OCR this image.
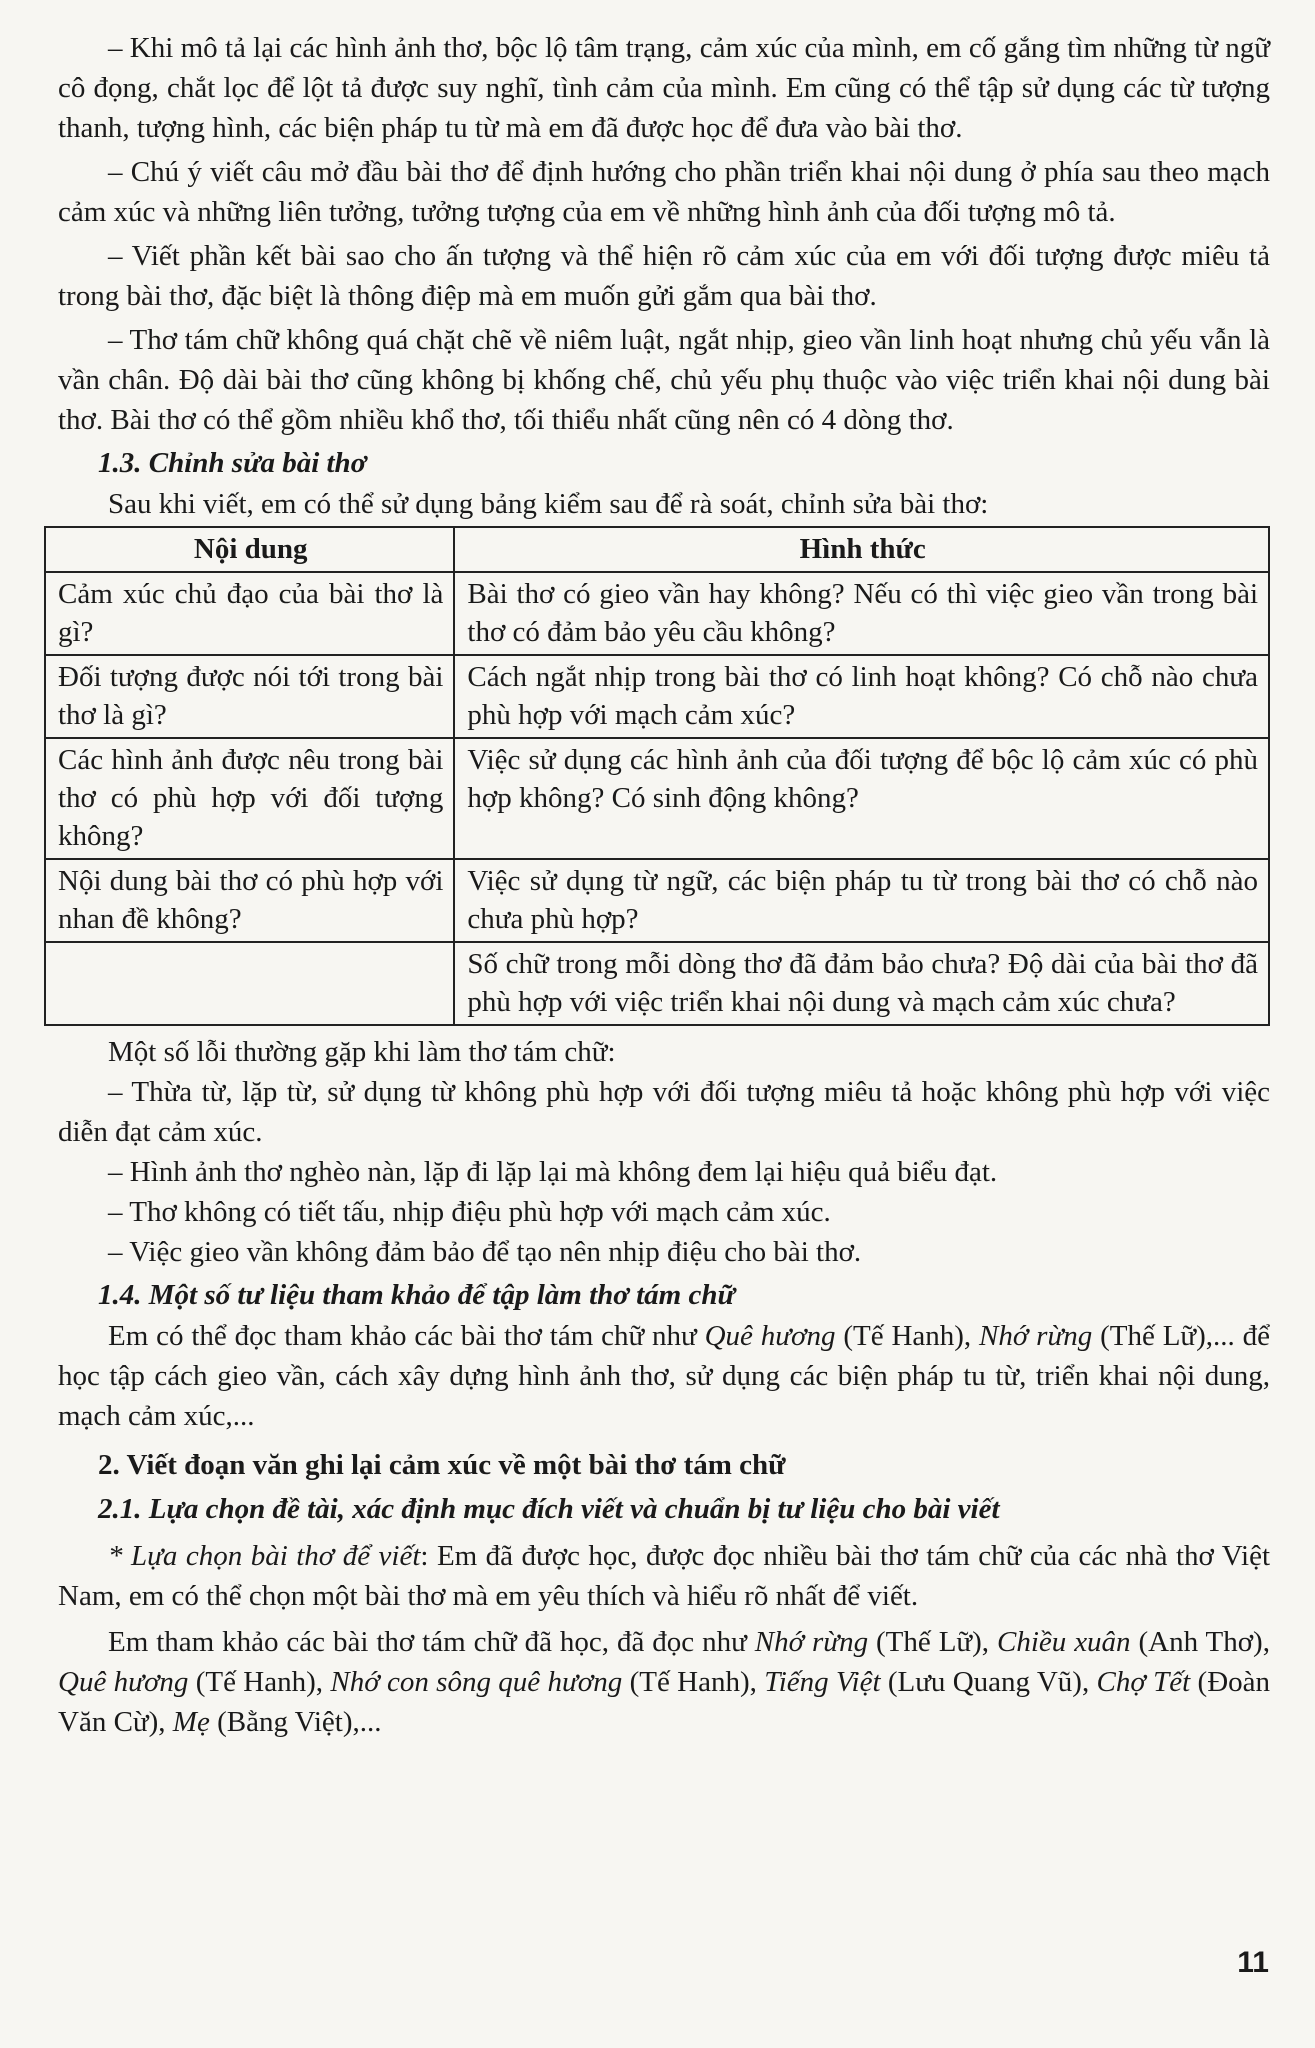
– Khi mô tả lại các hình ảnh thơ, bộc lộ tâm trạng, cảm xúc của mình, em cố gắng tìm những từ ngữ cô đọng, chắt lọc để lột tả được suy nghĩ, tình cảm của mình. Em cũng có thể tập sử dụng các từ tượng thanh, tượng hình, các biện pháp tu từ mà em đã được học để đưa vào bài thơ.

– Chú ý viết câu mở đầu bài thơ để định hướng cho phần triển khai nội dung ở phía sau theo mạch cảm xúc và những liên tưởng, tưởng tượng của em về những hình ảnh của đối tượng mô tả.

– Viết phần kết bài sao cho ấn tượng và thể hiện rõ cảm xúc của em với đối tượng được miêu tả trong bài thơ, đặc biệt là thông điệp mà em muốn gửi gắm qua bài thơ.

– Thơ tám chữ không quá chặt chẽ về niêm luật, ngắt nhịp, gieo vần linh hoạt nhưng chủ yếu vẫn là vần chân. Độ dài bài thơ cũng không bị khống chế, chủ yếu phụ thuộc vào việc triển khai nội dung bài thơ. Bài thơ có thể gồm nhiều khổ thơ, tối thiểu nhất cũng nên có 4 dòng thơ.

1.3. Chỉnh sửa bài thơ

Sau khi viết, em có thể sử dụng bảng kiểm sau để rà soát, chỉnh sửa bài thơ:

Nội dung	Hình thức
Cảm xúc chủ đạo của bài thơ là gì?	Bài thơ có gieo vần hay không? Nếu có thì việc gieo vần trong bài thơ có đảm bảo yêu cầu không?
Đối tượng được nói tới trong bài thơ là gì?	Cách ngắt nhịp trong bài thơ có linh hoạt không? Có chỗ nào chưa phù hợp với mạch cảm xúc?
Các hình ảnh được nêu trong bài thơ có phù hợp với đối tượng không?	Việc sử dụng các hình ảnh của đối tượng để bộc lộ cảm xúc có phù hợp không? Có sinh động không?
Nội dung bài thơ có phù hợp với nhan đề không?	Việc sử dụng từ ngữ, các biện pháp tu từ trong bài thơ có chỗ nào chưa phù hợp?
	Số chữ trong mỗi dòng thơ đã đảm bảo chưa? Độ dài của bài thơ đã phù hợp với việc triển khai nội dung và mạch cảm xúc chưa?

Một số lỗi thường gặp khi làm thơ tám chữ:

– Thừa từ, lặp từ, sử dụng từ không phù hợp với đối tượng miêu tả hoặc không phù hợp với việc diễn đạt cảm xúc.

– Hình ảnh thơ nghèo nàn, lặp đi lặp lại mà không đem lại hiệu quả biểu đạt.

– Thơ không có tiết tấu, nhịp điệu phù hợp với mạch cảm xúc.

– Việc gieo vần không đảm bảo để tạo nên nhịp điệu cho bài thơ.

1.4. Một số tư liệu tham khảo để tập làm thơ tám chữ

Em có thể đọc tham khảo các bài thơ tám chữ như Quê hương (Tế Hanh), Nhớ rừng (Thế Lữ),... để học tập cách gieo vần, cách xây dựng hình ảnh thơ, sử dụng các biện pháp tu từ, triển khai nội dung, mạch cảm xúc,...

2. Viết đoạn văn ghi lại cảm xúc về một bài thơ tám chữ
2.1. Lựa chọn đề tài, xác định mục đích viết và chuẩn bị tư liệu cho bài viết

* Lựa chọn bài thơ để viết: Em đã được học, được đọc nhiều bài thơ tám chữ của các nhà thơ Việt Nam, em có thể chọn một bài thơ mà em yêu thích và hiểu rõ nhất để viết.

Em tham khảo các bài thơ tám chữ đã học, đã đọc như Nhớ rừng (Thế Lữ), Chiều xuân (Anh Thơ), Quê hương (Tế Hanh), Nhớ con sông quê hương (Tế Hanh), Tiếng Việt (Lưu Quang Vũ), Chợ Tết (Đoàn Văn Cừ), Mẹ (Bằng Việt),...

11
